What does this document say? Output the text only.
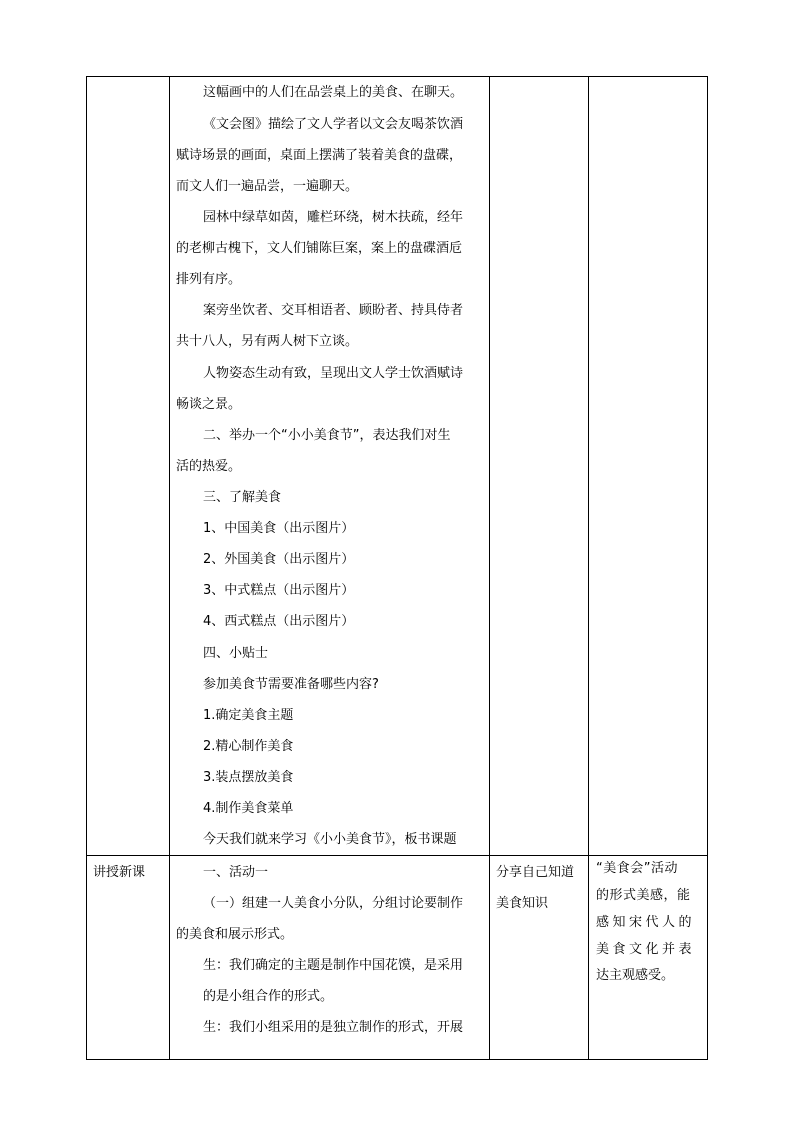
这幅画中的人们在品尝桌上的美食、在聊天。
《文会图》描绘了文人学者以文会友喝茶饮酒
赋诗场景的画面，桌面上摆满了装着美食的盘碟，
而文人们一遍品尝，一遍聊天。
园林中绿草如茵，雕栏环绕，树木扶疏，经年
的老柳古槐下，文人们铺陈巨案，案上的盘碟酒卮
排列有序。
案旁坐饮者、交耳相语者、顾盼者、持具侍者
共十八人，另有两人树下立谈。
人物姿态生动有致，呈现出文人学士饮酒赋诗
畅谈之景。
二、举办一个“小小美食节”，表达我们对生
活的热爱。
三、了解美食
1、中国美食（出示图片）
2、外国美食（出示图片）
3、中式糕点（出示图片）
4、西式糕点（出示图片）
四、小贴士
参加美食节需要准备哪些内容?
1.确定美食主题
2.精心制作美食
3.装点摆放美食
4.制作美食菜单
今天我们就来学习《小小美食节》，板书课题
讲授新课	一、活动一
（一）组建一人美食小分队，分组讨论要制作
的美食和展示形式。
生：我们确定的主题是制作中国花馍，是采用
的是小组合作的形式。
生：我们小组采用的是独立制作的形式，开展
分享自己知道
美食知识
“美食会”活动
的形式美感，能
感知宋代人的
美食文化并表
达主观感受。
